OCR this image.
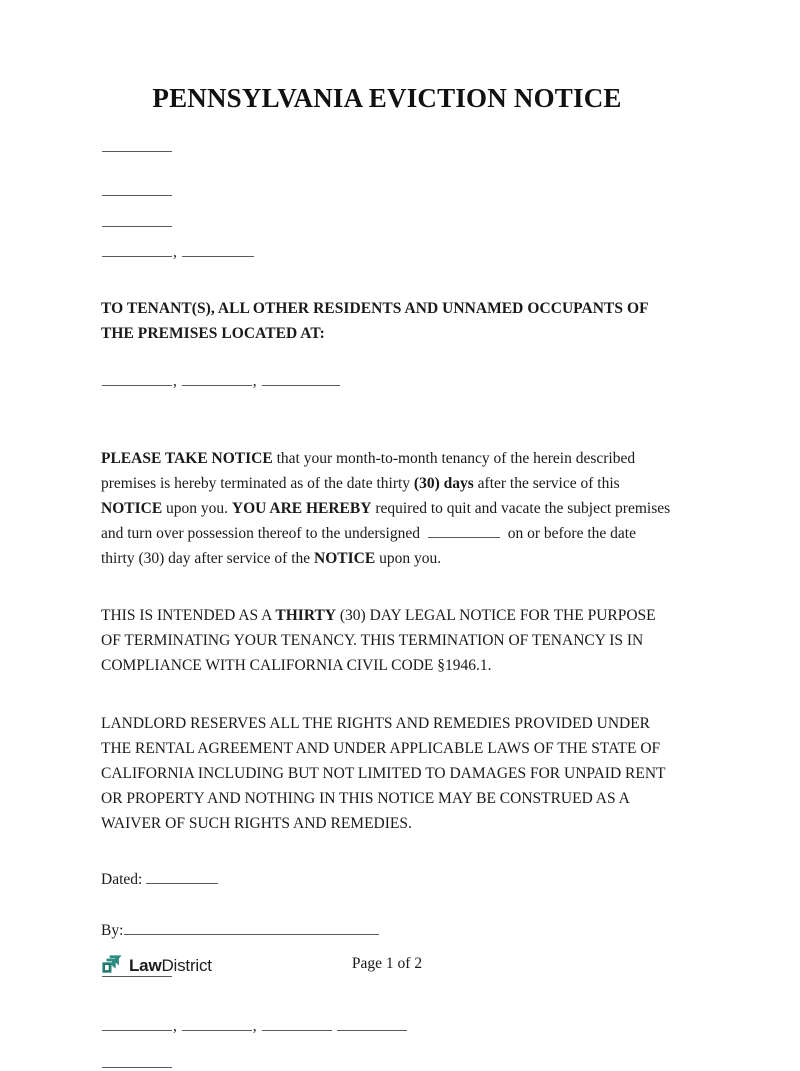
PENNSYLVANIA EVICTION NOTICE
,
TO TENANT(S), ALL OTHER RESIDENTS AND UNNAMED OCCUPANTS OF THE PREMISES LOCATED AT:
,	,

PLEASE TAKE NOTICE that your month-to-month tenancy of the herein described premises is hereby terminated as of the date thirty (30) days after the service of this NOTICE upon you. YOU ARE HEREBY required to quit and vacate the subject premises and turn over possession thereof to the undersigned	on or before the date thirty (30) day after service of the NOTICE upon you.

THIS IS INTENDED AS A THIRTY (30) DAY LEGAL NOTICE FOR THE PURPOSE OF TERMINATING YOUR TENANCY. THIS TERMINATION OF TENANCY IS IN COMPLIANCE WITH CALIFORNIA CIVIL CODE §1946.1.

LANDLORD RESERVES ALL THE RIGHTS AND REMEDIES PROVIDED UNDER THE RENTAL AGREEMENT AND UNDER APPLICABLE LAWS OF THE STATE OF CALIFORNIA INCLUDING BUT NOT LIMITED TO DAMAGES FOR UNPAID RENT OR PROPERTY AND NOTHING IN THIS NOTICE MAY BE CONSTRUED AS A WAIVER OF SUCH RIGHTS AND REMEDIES.

Dated:
By:
,	,
LawDistrict	Page 1 of 2
